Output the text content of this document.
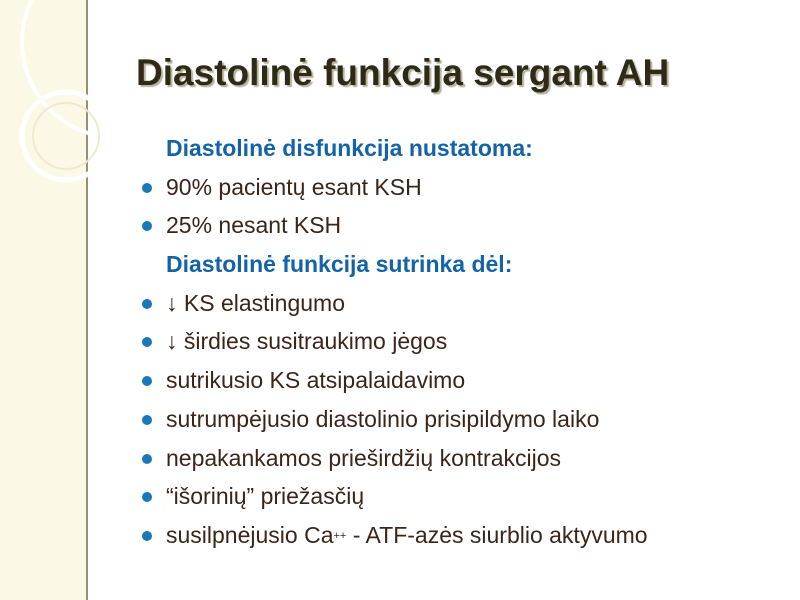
Diastolinė funkcija sergant AH
Diastolinė disfunkcija nustatoma:
90% pacientų esant KSH
25% nesant KSH
Diastolinė funkcija sutrinka dėl:
↓ KS elastingumo
↓ širdies susitraukimo jėgos
sutrikusio KS atsipalaidavimo
sutrumpėjusio diastolinio prisipildymo laiko
nepakankamos prieširdžių kontrakcijos
“išorinių” priežasčių
susilpnėjusio Ca++ - ATF-azės siurblio aktyvumo
